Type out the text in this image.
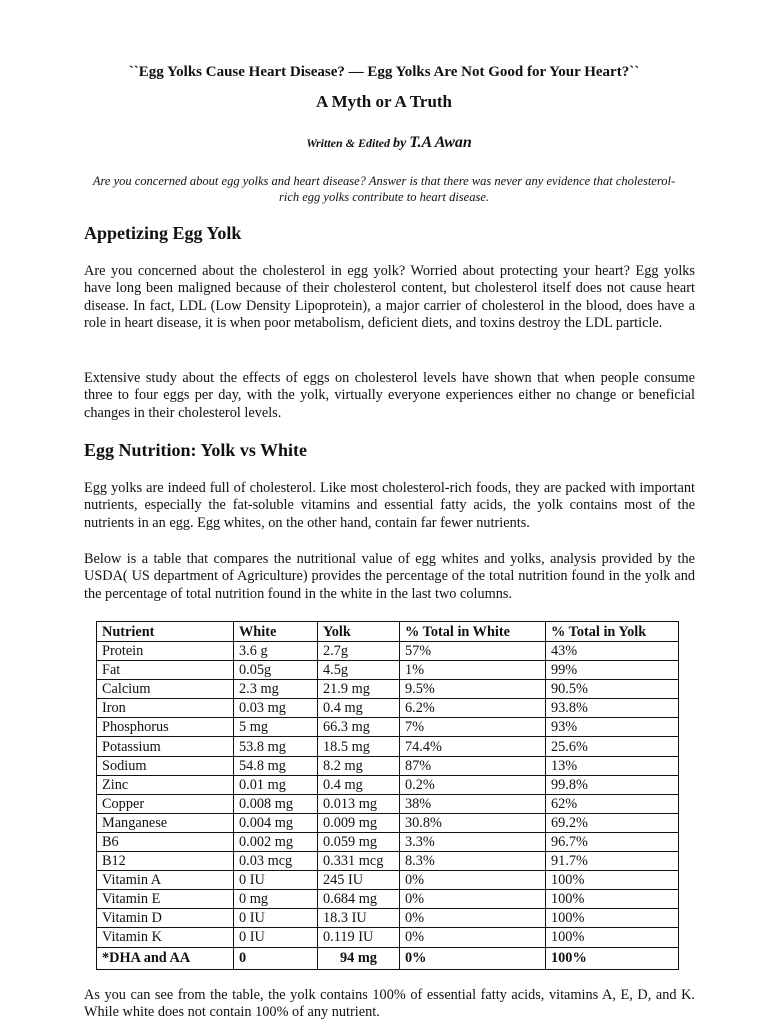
``Egg Yolks Cause Heart Disease? — Egg Yolks Are Not Good for Your Heart?``
A Myth or A Truth
Written & Edited by T.A Awan
Are you concerned about egg yolks and heart disease? Answer is that there was never any evidence that cholesterol-rich egg yolks contribute to heart disease.
Appetizing Egg Yolk
Are you concerned about the cholesterol in egg yolk? Worried about protecting your heart? Egg yolks have long been maligned because of their cholesterol content, but cholesterol itself does not cause heart disease. In fact, LDL (Low Density Lipoprotein), a major carrier of cholesterol in the blood, does have a role in heart disease, it is when poor metabolism, deficient diets, and toxins destroy the LDL particle.
Extensive study about the effects of eggs on cholesterol levels have shown that when people consume three to four eggs per day, with the yolk, virtually everyone experiences either no change or beneficial changes in their cholesterol levels.
Egg Nutrition: Yolk vs White
Egg yolks are indeed full of cholesterol. Like most cholesterol-rich foods, they are packed with important nutrients, especially the fat-soluble vitamins and essential fatty acids, the yolk contains most of the nutrients in an egg. Egg whites, on the other hand, contain far fewer nutrients.
Below is a table that compares the nutritional value of egg whites and yolks, analysis provided by the USDA( US department of Agriculture) provides the percentage of the total nutrition found in the yolk and the percentage of total nutrition found in the white in the last two columns.
Nutrient	White	Yolk	% Total in White	% Total in Yolk
Protein	3.6 g	2.7g	57%	43%
Fat	0.05g	4.5g	1%	99%
Calcium	2.3 mg	21.9 mg	9.5%	90.5%
Iron	0.03 mg	0.4 mg	6.2%	93.8%
Phosphorus	5 mg	66.3 mg	7%	93%
Potassium	53.8 mg	18.5 mg	74.4%	25.6%
Sodium	54.8 mg	8.2 mg	87%	13%
Zinc	0.01 mg	0.4 mg	0.2%	99.8%
Copper	0.008 mg	0.013 mg	38%	62%
Manganese	0.004 mg	0.009 mg	30.8%	69.2%
B6	0.002 mg	0.059 mg	3.3%	96.7%
B12	0.03 mcg	0.331 mcg	8.3%	91.7%
Vitamin A	0 IU	245 IU	0%	100%
Vitamin E	0 mg	0.684 mg	0%	100%
Vitamin D	0 IU	18.3 IU	0%	100%
Vitamin K	0 IU	0.119 IU	0%	100%
*DHA and AA	0	94 mg	0%	100%
As you can see from the table, the yolk contains 100% of essential fatty acids, vitamins A, E, D, and K. While white does not contain 100% of any nutrient.
